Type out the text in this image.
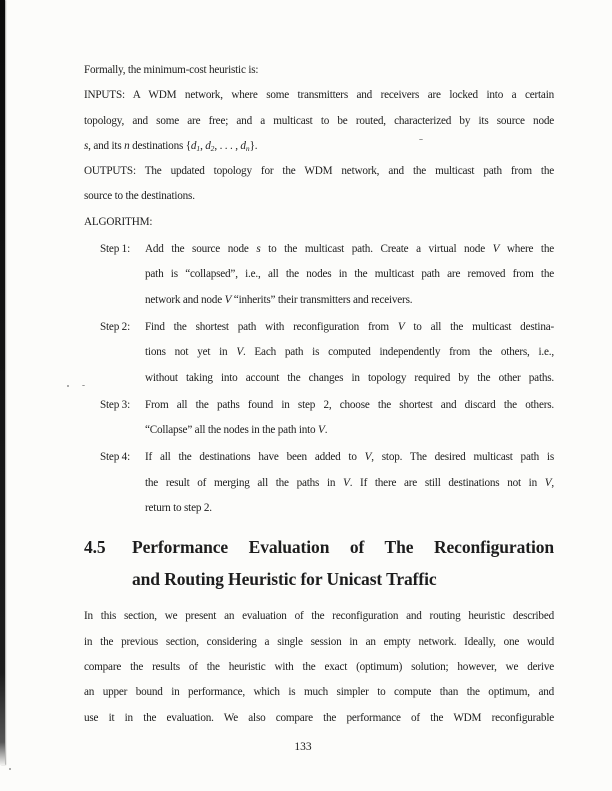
Formally, the minimum-cost heuristic is:
INPUTS: A WDM network, where some transmitters and receivers are locked into a certain
topology, and some are free; and a multicast to be routed, characterized by its source node
s, and its n destinations {d1, d2, . . . , dn}.
OUTPUTS: The updated topology for the WDM network, and the multicast path from the
source to the destinations.
ALGORITHM:
Step 1: Add the source node s to the multicast path. Create a virtual node V where the
path is “collapsed”, i.e., all the nodes in the multicast path are removed from the
network and node V “inherits” their transmitters and receivers.
Step 2: Find the shortest path with reconfiguration from V to all the multicast destina-
tions not yet in V. Each path is computed independently from the others, i.e.,
without taking into account the changes in topology required by the other paths.
Step 3: From all the paths found in step 2, choose the shortest and discard the others.
“Collapse” all the nodes in the path into V.
Step 4: If all the destinations have been added to V, stop. The desired multicast path is
the result of merging all the paths in V. If there are still destinations not in V,
return to step 2.
4.5 Performance Evaluation of The Reconfiguration
and Routing Heuristic for Unicast Traffic
In this section, we present an evaluation of the reconfiguration and routing heuristic described
in the previous section, considering a single session in an empty network. Ideally, one would
compare the results of the heuristic with the exact (optimum) solution; however, we derive
an upper bound in performance, which is much simpler to compute than the optimum, and
use it in the evaluation. We also compare the performance of the WDM reconfigurable
133
